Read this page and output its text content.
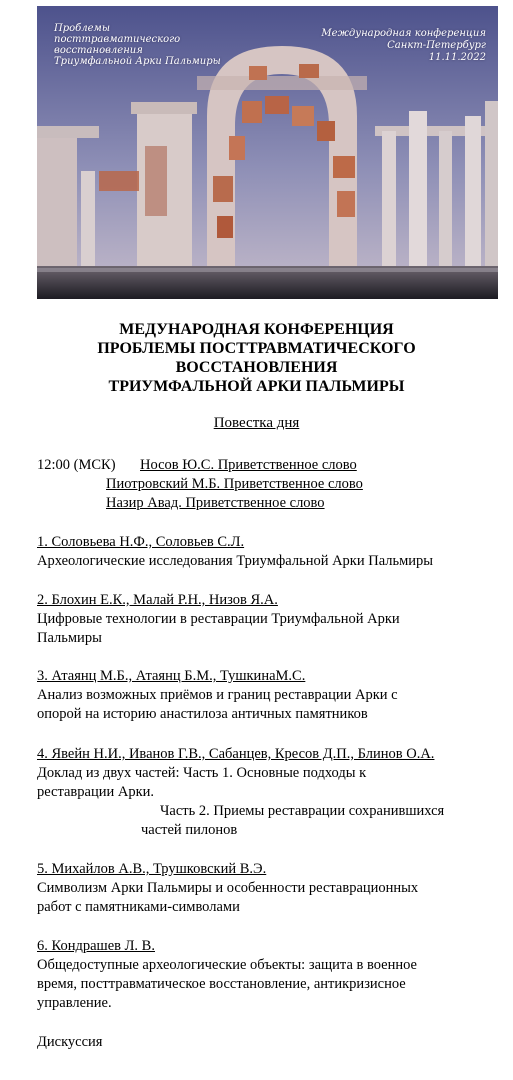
Проблемы
посттравматического
восстановления
Триумфальной Арки Пальмиры
Международная конференция
Санкт-Петербург
11.11.2022
МЕДУНАРОДНАЯ КОНФЕРЕНЦИЯ
ПРОБЛЕМЫ ПОСТТРАВМАТИЧЕСКОГО
ВОССТАНОВЛЕНИЯ
ТРИУМФАЛЬНОЙ АРКИ ПАЛЬМИРЫ
Повестка дня
12:00 (МСК) Носов Ю.С. Приветственное слово
Пиотровский М.Б. Приветственное слово
Назир Авад. Приветственное слово
1. Соловьева Н.Ф., Соловьев С.Л.
Археологические исследования Триумфальной Арки Пальмиры
2. Блохин Е.К., Малай Р.Н., Низов Я.А.
Цифровые технологии в реставрации Триумфальной Арки
Пальмиры
3. Атаянц М.Б., Атаянц Б.М., ТушкинаМ.С.
Анализ возможных приёмов и границ реставрации Арки с
опорой на историю анастилоза античных памятников
4. Явейн Н.И., Иванов Г.В., Сабанцев, Кресов Д.П., Блинов О.А.
Доклад из двух частей: Часть 1. Основные подходы к
реставрации Арки.
Часть 2. Приемы реставрации сохранившихся
частей пилонов
5. Михайлов А.В., Трушковский В.Э.
Символизм Арки Пальмиры и особенности реставрационных
работ с памятниками-символами
6. Кондрашев Л. В.
Общедоступные археологические объекты: защита в военное
время, посттравматическое восстановление, антикризисное
управление.
Дискуссия
